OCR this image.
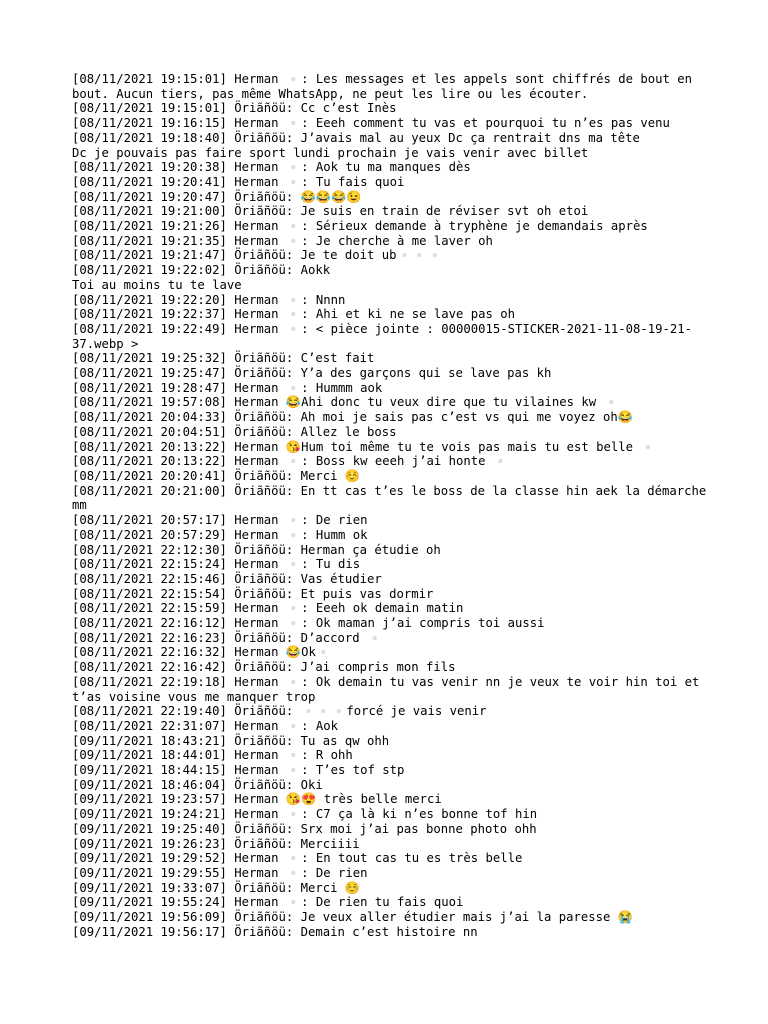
[08/11/2021 19:15:01] Herman ▫️: Les messages et les appels sont chiffrés de bout en bout. Aucun tiers, pas même WhatsApp, ne peut les lire ou les écouter.
[08/11/2021 19:15:01] Öriãñöü: Cc c’est Inès
[08/11/2021 19:16:15] Herman ▫️: Eeeh comment tu vas et pourquoi tu n’es pas venu
[08/11/2021 19:18:40] Öriãñöü: J’avais mal au yeux Dc ça rentrait dns ma tête
Dc je pouvais pas faire sport lundi prochain je vais venir avec billet
[08/11/2021 19:20:38] Herman ▫️: Aok tu ma manques dès
[08/11/2021 19:20:41] Herman ▫️: Tu fais quoi
[08/11/2021 19:20:47] Öriãñöü: 😂😂😂😉
[08/11/2021 19:21:00] Öriãñöü: Je suis en train de réviser svt oh etoi
[08/11/2021 19:21:26] Herman ▫️: Sérieux demande à tryphène je demandais après
[08/11/2021 19:21:35] Herman ▫️: Je cherche à me laver oh
[08/11/2021 19:21:47] Öriãñöü: Je te doit ub▫️▫️▫️
[08/11/2021 19:22:02] Öriãñöü: Aokk
Toi au moins tu te lave
[08/11/2021 19:22:20] Herman ▫️: Nnnn
[08/11/2021 19:22:37] Herman ▫️: Ahi et ki ne se lave pas oh
[08/11/2021 19:22:49] Herman ▫️: < pièce jointe : 00000015-STICKER-2021-11-08-19-21-37.webp >
[08/11/2021 19:25:32] Öriãñöü: C’est fait
[08/11/2021 19:25:47] Öriãñöü: Y’a des garçons qui se lave pas kh
[08/11/2021 19:28:47] Herman ▫️: Hummm aok
[08/11/2021 19:57:08] Herman 😂Ahi donc tu veux dire que tu vilaines kw ▫️
[08/11/2021 20:04:33] Öriãñöü: Ah moi je sais pas c’est vs qui me voyez oh😂
[08/11/2021 20:04:51] Öriãñöü: Allez le boss
[08/11/2021 20:13:22] Herman 😘Hum toi même tu te vois pas mais tu est belle ▫️
[08/11/2021 20:13:22] Herman ▫️: Boss kw eeeh j’ai honte ▫️
[08/11/2021 20:20:41] Öriãñöü: Merci ☺️
[08/11/2021 20:21:00] Öriãñöü: En tt cas t’es le boss de la classe hin aek la démarche mm
[08/11/2021 20:57:17] Herman ▫️: De rien
[08/11/2021 20:57:29] Herman ▫️: Humm ok
[08/11/2021 22:12:30] Öriãñöü: Herman ça étudie oh
[08/11/2021 22:15:24] Herman ▫️: Tu dis
[08/11/2021 22:15:46] Öriãñöü: Vas étudier
[08/11/2021 22:15:54] Öriãñöü: Et puis vas dormir
[08/11/2021 22:15:59] Herman ▫️: Eeeh ok demain matin
[08/11/2021 22:16:12] Herman ▫️: Ok maman j’ai compris toi aussi
[08/11/2021 22:16:23] Öriãñöü: D’accord ▫️
[08/11/2021 22:16:32] Herman 😂Ok▫️
[08/11/2021 22:16:42] Öriãñöü: J’ai compris mon fils
[08/11/2021 22:19:18] Herman ▫️: Ok demain tu vas venir nn je veux te voir hin toi et t’as voisine vous me manquer trop
[08/11/2021 22:19:40] Öriãñöü: ▫️▫️▫️forcé je vais venir
[08/11/2021 22:31:07] Herman ▫️: Aok
[09/11/2021 18:43:21] Öriãñöü: Tu as qw ohh
[09/11/2021 18:44:01] Herman ▫️: R ohh
[09/11/2021 18:44:15] Herman ▫️: T’es tof stp
[09/11/2021 18:46:04] Öriãñöü: Oki
[09/11/2021 19:23:57] Herman 😘😍 très belle merci
[09/11/2021 19:24:21] Herman ▫️: C7 ça là ki n’es bonne tof hin
[09/11/2021 19:25:40] Öriãñöü: Srx moi j’ai pas bonne photo ohh
[09/11/2021 19:26:23] Öriãñöü: Merciiii
[09/11/2021 19:29:52] Herman ▫️: En tout cas tu es très belle
[09/11/2021 19:29:55] Herman ▫️: De rien
[09/11/2021 19:33:07] Öriãñöü: Merci ☺️
[09/11/2021 19:55:24] Herman ▫️: De rien tu fais quoi
[09/11/2021 19:56:09] Öriãñöü: Je veux aller étudier mais j’ai la paresse 😭
[09/11/2021 19:56:17] Öriãñöü: Demain c’est histoire nn
